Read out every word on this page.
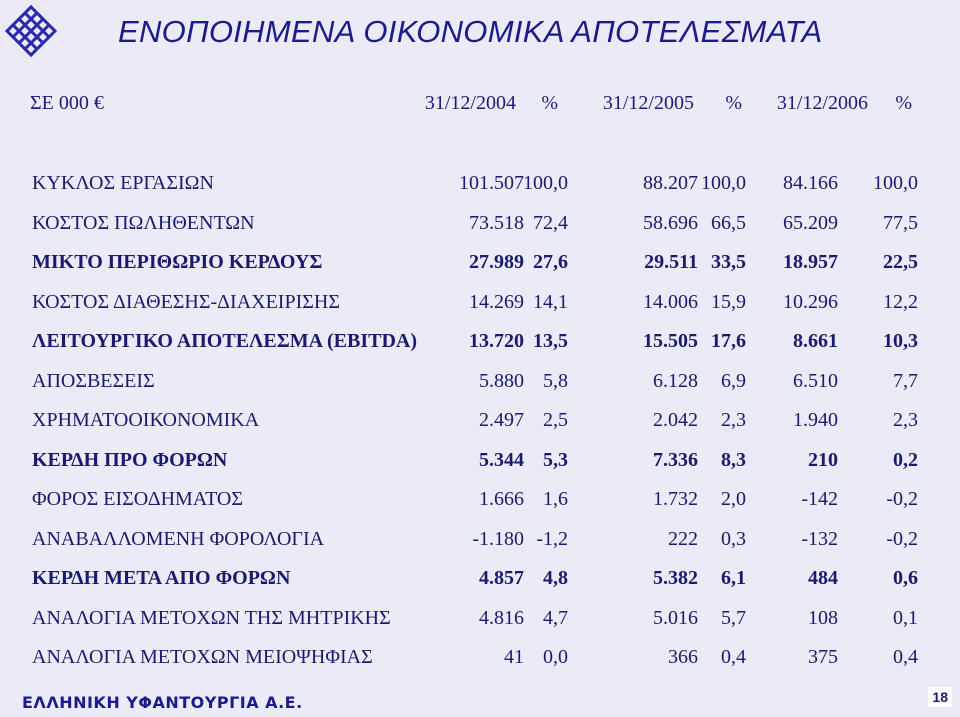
ΕΝΟΠΟΙΗΜΕΝΑ ΟΙΚΟΝΟΜΙΚΑ ΑΠΟΤΕΛΕΣΜΑΤΑ
ΣΕ 000 €	31/12/2004 % 31/12/2005 % 31/12/2006 %
ΚΥΚΛΟΣ ΕΡΓΑΣΙΩΝ	101.507 100,0	88.207 100,0 84.166 100,0
ΚΟΣΤΟΣ ΠΩΛΗΘΕΝΤΩΝ	73.518 72,4	58.696 66,5 65.209 77,5
ΜΙΚΤΟ ΠΕΡΙΘΩΡΙΟ ΚΕΡΔΟΥΣ	27.989 27,6	29.511 33,5 18.957 22,5
ΚΟΣΤΟΣ ΔΙΑΘΕΣΗΣ-ΔΙΑΧΕΙΡΙΣΗΣ	14.269 14,1	14.006 15,9 10.296 12,2
ΛΕΙΤΟΥΡΓΙΚΟ ΑΠΟΤΕΛΕΣΜΑ (EBITDA)	13.720 13,5	15.505 17,6 8.661 10,3
ΑΠΟΣΒΕΣΕΙΣ	5.880 5,8	6.128 6,9 6.510	7,7
ΧΡΗΜΑΤΟΟΙΚΟΝΟΜΙΚΑ	2.497 2,5	2.042 2,3 1.940	2,3
ΚΕΡΔΗ ΠΡΟ ΦΟΡΩΝ	5.344 5,3	7.336 8,3	210	0,2
ΦΟΡΟΣ ΕΙΣΟΔΗΜΑΤΟΣ	1.666 1,6	1.732 2,0	-142 -0,2
ΑΝΑΒΑΛΛΟΜΕΝΗ ΦΟΡΟΛΟΓΙΑ	-1.180 -1,2	222 0,3	-132 -0,2
ΚΕΡΔΗ ΜΕΤΑ ΑΠΟ ΦΟΡΩΝ	4.857 4,8	5.382 6,1	484	0,6
ΑΝΑΛΟΓΙΑ ΜΕΤΟΧΩΝ ΤΗΣ ΜΗΤΡΙΚΗΣ	4.816 4,7	5.016 5,7	108	0,1
ΑΝΑΛΟΓΙΑ ΜΕΤΟΧΩΝ ΜΕΙΟΨΗΦΙΑΣ	41 0,0	366 0,4	375	0,4
ΕΛΛΗΝΙΚΗ ΥΦΑΝΤΟΥΡΓΙΑ Α.Ε.	18
